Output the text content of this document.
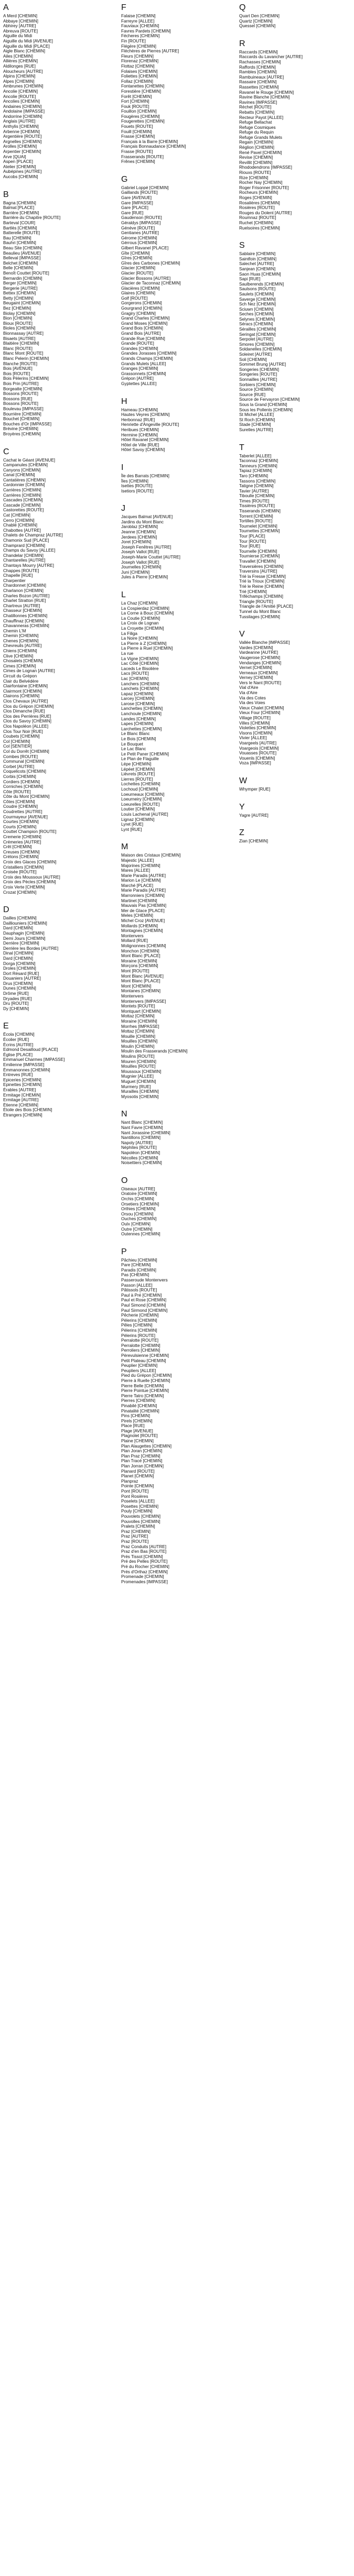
A
A Merd [CHEMIN]
Abbaye [CHEMIN]
Abhirey [AUTRE]
Abreuva [ROUTE]
Aiguille du Midi
Aiguille du Midi [AVENUE]
Aiguille du Midi [PLACE]
Aigle Blanc [CHEMIN]
Ailes [CHEMIN]
Allières [CHEMIN]
Aldilonges [RUE]
Aloucheurs [AUTRE]
Alpins [CHEMIN]
Alpes [CHEMIN]
Ambrunes [CHEMIN]
Ancolie [CHEMIN]
Ancolie [ROUTE]
Ancolies [CHEMIN]
Andaines [CHEMIN]
Andolaine [IMPASSE]
Andorrine [CHEMIN]
Anglais [AUTRE]
Anthylis [CHEMIN]
Arbenne [CHEMIN]
Argentière [ROUTE]
Argnelles [CHEMIN]
Arolles [CHEMIN]
Arpentier [CHEMIN]
Arve [QUAI]
Aspen [PLACE]
Atelier [CHEMIN]
Aubépines [AUTRE]
Aucobs [CHEMIN]
B
Bagna [CHEMIN]
Balmat [PLACE]
Barrière [CHEMIN]
Barrière du Chapitre [ROUTE]
Barteval [COUR]
Bartlès [CHEMIN]
Batterelle [ROUTE]
Bau [CHEMIN]
Bauhri [CHEMIN]
Beau Site [CHEMIN]
Beaulieu [AVENUE]
Belleval [IMPASSE]
Belchet [CHEMIN]
Belle [CHEMIN]
Benoît Couttet [ROUTE]
Bernardin [CHEMIN]
Berger [CHEMIN]
Bergerie [AUTRE]
Bettex [CHEMIN]
Betty [CHEMIN]
Beugaint [CHEMIN]
Bez [CHEMIN]
Biolay [CHEMIN]
Bion [CHEMIN]
Bioux [ROUTE]
Bioles [CHEMIN]
Bionnassay [AUTRE]
Bisaets [AUTRE]
Blaitière [CHEMIN]
Blanc [ROUTE]
Blanc Mont [ROUTE]
Blanc Pelerin [CHEMIN]
Blanche [ROUTE]
Bois [AVENUE]
Bois [ROUTE]
Bois Pèlerins [CHEMIN]
Bois Prin [AUTRE]
Borgeatte [CHEMIN]
Bossons [ROUTE]
Bossons [RUE]
Bossons [ROUTE]
Boulevau [IMPASSE]
Bourrière [CHEMIN]
Bouchet [CHEMIN]
Bouches d'Or [IMPASSE]
Brévine [CHEMIN]
Broyères [CHEMIN]
C
Cachat le Géant [AVENUE]
Campanules [CHEMIN]
Canyons [CHEMIN]
Canal [CHEMIN]
Cantatières [CHEMIN]
Cardonnier [CHEMIN]
Carrières [CHEMIN]
Carrières [CHEMIN]
Cascades [CHEMIN]
Cascade [CHEMIN]
Castorettes [ROUTE]
Cat [CHEMIN]
Cerro [CHEMIN]
Chablé [CHEMIN]
Chabottes [AUTRE]
Chalets de Champraz [AUTRE]
Chamonix Sud [PLACE]
Champrard [CHEMIN]
Champs du Savoy [ALLEE]
Chandelar [CHEMIN]
Chantarelles [AUTRE]
Chantays Mourry [AUTRE]
Chappes [ROUTE]
Chapelle [RUE]
Charpentier
Chardonnet [CHEMIN]
Charlanon [CHEMIN]
Charles Bozon [AUTRE]
Charlet Stratton [RUE]
Chartreux [AUTRE]
Chasseur [CHEMIN]
Chatillonnes [CHEMIN]
Chauffinaz [CHEMIN]
Chavanneras [CHEMIN]
Chemin L'M
Chemin [CHEMIN]
Chenes [CHEMIN]
Chevreuils [AUTRE]
Chiens [CHEMIN]
Clive [CHEMIN]
Chosalets [CHEMIN]
Cimes [CHEMIN]
Cimes de Lognan [AUTRE]
Circuit du Grépon
Clair du Belvédère
Clairfontaine [CHEMIN]
Clairmont [CHEMIN]
Clairons [CHEMIN]
Clos Chevaux [AUTRE]
Clos du Grépon [CHEMIN]
Clos Dimanche [RUE]
Clos des Perrières [RUE]
Clos du Savoy [CHEMIN]
Clos Napoléon [ALLEE]
Clos Tour Noir [RUE]
Coubets [CHEMIN]
Col [CHEMIN]
Col [SENTIER]
Col du Dorrêt [CHEMIN]
Combes [ROUTE]
Communal [CHEMIN]
Corbet [AUTRE]
Coquelicots [CHEMIN]
Corbis [CHEMIN]
Cordiers [CHEMIN]
Corniches [CHEMIN]
Côte [ROUTE]
Côte du Mont [CHEMIN]
Côtes [CHEMIN]
Coudre [CHEMIN]
Coudrettes [AUTRE]
Courmayeur [AVENUE]
Courtes [CHEMIN]
Courts [CHEMIN]
Couttet Champion [ROUTE]
Cremerie [CHEMIN]
Crémeries [AUTRE]
Crêt [CHEMIN]
Creuses [CHEMIN]
Crétons [CHEMIN]
Croix des Glaces [CHEMIN]
Cristalliers [CHEMIN]
Croisée [ROUTE]
Croix des Moussoux [AUTRE]
Croix des Pècles [CHEMIN]
Croix Verte [CHEMIN]
Crozat [CHEMIN]
D
Dailles [CHEMIN]
Dailliouniers [CHEMIN]
Dard [CHEMIN]
Dauphagin [CHEMIN]
Demi Jours [CHEMIN]
Derrière [CHEMIN]
Derrière les Bordes [AUTRE]
Dinal [CHEMIN]
Dard [CHEMIN]
Dorga [CHEMIN]
Droles [CHEMIN]
Dort Résard [RUE]
Douaniers [AUTRE]
Drus [CHEMIN]
Dunes [CHEMIN]
Drôme [RUE]
Dryades [RUE]
Dru [ROUTE]
Dy [CHEMIN]
E
Écola [CHEMIN]
Écolier [RUE]
Écrins [AUTRE]
Edmond Desailloud [PLACE]
Église [PLACE]
Emmanuel Charmes [IMPASSE]
Emilienne [IMPASSE]
Émmanonnes [CHEMIN]
Entreves [RUE]
Epiceries [CHEMIN]
Epinettes [CHEMIN]
Érables [AUTRE]
Ermitage [CHEMIN]
Ermitage [AUTRE]
Étienne [CHEMIN]
Étoile des Bois [CHEMIN]
Étrangers [CHEMIN]
F
Falaise [CHEMIN]
Farreyre [ALLEE]
Fauviaux [CHEMIN]
Favres Pardets [CHEMIN]
Fécheres [CHEMIN]
Fin [ROUTE]
Flégère [CHEMIN]
Fléchères de Pierres [AUTRE]
Fleurs [CHEMIN]
Florenaz [CHEMIN]
Flottaz [CHEMIN]
Folaises [CHEMIN]
Foliettes [CHEMIN]
Follaz [CHEMIN]
Fontanettes [CHEMIN]
Forestière [CHEMIN]
Forêt [CHEMIN]
Fort [CHEMIN]
Fouk [ROUTE]
Fouillon [CHEMIN]
Fougères [CHEMIN]
Fougerettes [CHEMIN]
Fouets [ROUTE]
Fouill [CHEMIN]
Frasse [CHEMIN]
Français à la Barre [CHEMIN]
Français Bonnaudance [CHEMIN]
Frasse [ROUTE]
Frasserands [ROUTE]
Frênes [CHEMIN]
G
Gabriel Loppé [CHEMIN]
Gaillands [ROUTE]
Gare [AVENUE]
Gare [IMPASSE]
Gare [PLACE]
Gare [RUE]
Gaudenson [ROUTE]
Géraldys [IMPASSE]
Génève [ROUTE]
Gentianes [AUTRE]
Gérome [CHEMIN]
Gérrous [CHEMIN]
Gilbert Ravanel [PLACE]
Gîte [CHEMIN]
Gîres [CHEMIN]
Gîres des Carbones [CHEMIN]
Glacier [CHEMIN]
Glacier [ROUTE]
Glacier Bossons [AUTRE]
Glacier de Taconnaz [CHEMIN]
Glacières [CHEMIN]
Glaires [CHEMIN]
Golf [ROUTE]
Gorgerons [CHEMIN]
Gourgrand [CHEMIN]
Gragiry [CHEMIN]
Grand Charles [CHEMIN]
Grand Moses [CHEMIN]
Grand Bois [CHEMIN]
Grand Bois [AUTRE]
Grande Rue [CHEMIN]
Grande [ROUTE]
Grandes [CHEMIN]
Grandes Jorasses [CHEMIN]
Grands Champs [CHEMIN]
Grands Mulets [ALLEE]
Granges [CHEMIN]
Grassonnets [CHEMIN]
Grépon [AUTRE]
Gyptettes [ALLEE]
H
Hameau [CHEMIN]
Hautes Veyres [CHEMIN]
Herbonnaz [RUE]
Henriette d'Angeville [ROUTE]
Heribues [CHEMIN]
Hermine [CHEMIN]
Hôtel Ravanel [CHEMIN]
Hôtel de Ville [RUE]
Hôtel Savoy [CHEMIN]
I
Île des Barrats [CHEMIN]
Îles [CHEMIN]
Isettes [ROUTE]
Isetiors [ROUTE]
J
Jacques Balmat [AVENUE]
Jardins du Mont Blanc
Jaroblaz [CHEMIN]
Jeanne [CHEMIN]
Jerdees [CHEMIN]
Joret [CHEMIN]
Joseph Fenêtres [AUTRE]
Joseph Vallot [RUE]
Joseph-Marie Couttet [AUTRE]
Joseph Vallot [RUE]
Journelles [CHEMIN]
Juni [CHEMIN]
Jules à Pierre [CHEMIN]
L
La Chaz [CHEMIN]
La Cospierdaz [CHEMIN]
La Corne à Bouc [CHEMIN]
La Coutie [CHEMIN]
La Croix de Lognan
La Croyette [CHEMIN]
La Filiga
La Noire [CHEMIN]
La Pierre à Z [CHEMIN]
La Pierre à Ruel [CHEMIN]
La rue
La Vigne [CHEMIN]
Lac Côté [CHEMIN]
Laceds Le Bisolière
Lacs [ROUTE]
Lac [CHEMIN]
Lanchers [CHEMIN]
Lanchets [CHEMIN]
Lapaz [CHEMIN]
Larcey [CHEMIN]
Larose [CHEMIN]
Lanchettes [CHEMIN]
Lanchoule [CHEMIN]
Landes [CHEMIN]
Lapes [CHEMIN]
Larchettes [CHEMIN]
Le Blanc Blanc
Le Bois [CHEMIN]
Le Bouquet
Le Lac Blanc
Le Petit Paner [CHEMIN]
Le Plan de Flaguille
Lépe [CHEMIN]
Lépéet [CHEMIN]
Lièvrets [ROUTE]
Lierres [ROUTE]
Lochettes [CHEMIN]
Lochoud [CHEMIN]
Loeurneaux [CHEMIN]
Loeurneiry [CHEMIN]
Loeurelles [ROUTE]
Loutier [CHEMIN]
Louis Lachenal [AUTRE]
Lignaz [CHEMIN]
Lyret [RUE]
Lynt [RUE]
M
Maison des Cristaux [CHEMIN]
Majestic [ALLEE]
Majorines [CHEMIN]
Mares [ALLEE]
Marie Paradis [AUTRE]
Marion Le [CHEMIN]
Marché [PLACE]
Marie Paradis [AUTRE]
Marronniers [CHEMIN]
Martinet [CHEMIN]
Mauvais Pas [CHEMIN]
Mer de Glace [PLACE]
Meles [CHEMIN]
Michel Croz [AVENUE]
Mollards [CHEMIN]
Montagnes [CHEMIN]
Montenvers
Mollard [RUE]
Molignonnes [CHEMIN]
Monchon [CHEMIN]
Mont Blanc [PLACE]
Moraine [CHEMIN]
Morçons [CHEMIN]
Mont [ROUTE]
Mont Blanc [AVENUE]
Mont Blanc [PLACE]
Mont [CHEMIN]
Montanes [CHEMIN]
Montenvers
Montenvers [IMPASSE]
Montets [ROUTE]
Montquart [CHEMIN]
Mottaz [CHEMIN]
Moraine [CHEMIN]
Morrhes [IMPASSE]
Mottaz [CHEMIN]
Mouille [CHEMIN]
Mouilles [CHEMIN]
Moulin [CHEMIN]
Moulin des Frasserands [CHEMIN]
Moulins [ROUTE]
Mouren [CHEMIN]
Mouilles [ROUTE]
Moussoux [CHEMIN]
Mugnier [ALLEE]
Muguet [CHEMIN]
Murmery [RUE]
Murailles [CHEMIN]
Myosotis [CHEMIN]
N
Nant Blanc [CHEMIN]
Nant Favre [CHEMIN]
Nant Jorassine [CHEMIN]
Nantillons [CHEMIN]
Napoly [AUTRE]
Néphites [ROUTE]
Napoléon [CHEMIN]
Nécolles [CHEMIN]
Noisettiers [CHEMIN]
O
Oiseaux [AUTRE]
Oratoire [CHEMIN]
Orchis [CHEMIN]
Orsetiers [CHEMIN]
Orthies [CHEMIN]
Orsou [CHEMIN]
Ouches [CHEMIN]
Oulx [CHEMIN]
Outre [CHEMIN]
Outennes [CHEMIN]
P
Pâchieu [CHEMIN]
Pare [CHEMIN]
Paradis [CHEMIN]
Pas [CHEMIN]
Passeroude Montenvers
Passon [ALLEE]
Pâtissols [ROUTE]
Paul à Pré [CHEMIN]
Paul et Rose [CHEMIN]
Paul Simond [CHEMIN]
Paul Sirmond [CHEMIN]
Pêcherie [CHEMIN]
Pèlerins [CHEMIN]
Pêles [CHEMIN]
Pèlerins [CHEMIN]
Pèlerins [ROUTE]
Perralotte [ROUTE]
Perralotte [CHEMIN]
Perroliers [CHEMIN]
Pèrevulsienne [CHEMIN]
Petit Plateau [CHEMIN]
Peuplier [CHEMIN]
Peupliers [ALLEE]
Pied du Grépon [CHEMIN]
Pierre à Ruelle [CHEMIN]
Pierre Belle [CHEMIN]
Pierre Pointue [CHEMIN]
Pierre Tatro [CHEMIN]
Pierres [CHEMIN]
Pinabilé [CHEMIN]
Pinatalité [CHEMIN]
Pins [CHEMIN]
Pirels [CHEMIN]
Place [RUE]
Plage [AVENUE]
Plagnolet [ROUTE]
Plaine [CHEMIN]
Plan Alaugettes [CHEMIN]
Plan Joran [CHEMIN]
Plan Praz [CHEMIN]
Plan Tracé [CHEMIN]
Plan Jorran [CHEMIN]
Planard [ROUTE]
Planet [CHEMIN]
Planpraz
Pointe [CHEMIN]
Pont [ROUTE]
Pont Rosières
Poselets [ALLEE]
Posettes [CHEMIN]
Pouly [CHEMIN]
Pouvolets [CHEMIN]
Pouvolles [CHEMIN]
Pralets [CHEMIN]
Praz [CHEMIN]
Praz [AUTRE]
Praz [ROUTE]
Praz Conduits [AUTRE]
Praz d'en Bas [ROUTE]
Prés Tissot [CHEMIN]
Pré des Pelles [ROUTE]
Pré du Rocher [CHEMIN]
Prés d'Orthaz [CHEMIN]
Promenade [CHEMIN]
Promenades [IMPASSE]
Q
Quart Den [CHEMIN]
Quartz [CHEMIN]
Quessel [CHEMIN]
R
Raccards [CHEMIN]
Raccards du Lavancher [AUTRE]
Rachasses [CHEMIN]
Raffords [CHEMIN]
Rambles [CHEMIN]
Rambuineaux [AUTRE]
Rassaire [CHEMIN]
Rassettes [CHEMIN]
Ravanel le Rouge [CHEMIN]
Ravine Blanche [CHEMIN]
Ravines [IMPASSE]
Réchet [ROUTE]
Rebatts [CHEMIN]
Recteur Payot [ALLEE]
Refuge Bellachat
Refuge Cosmiques
Refuge du Requin
Refuge Grands Mulets
Regain [CHEMIN]
Réglion [CHEMIN]
René Pavel [CHEMIN]
Revise [CHEMIN]
Revillit [CHEMIN]
Rhododendrons [IMPASSE]
Riouxs [ROUTE]
Rize [CHEMIN]
Rocher Nay [CHEMIN]
Roger Frisonner [ROUTE]
Rocheurs [CHEMIN]
Roges [CHEMIN]
Rosalières [CHEMIN]
Rosières [ROUTE]
Rouges du Dolent [AUTRE]
Roumnaz [ROUTE]
Ruchet [CHEMIN]
Ruelsoires [CHEMIN]
S
Sablaire [CHEMIN]
Saintfoin [CHEMIN]
Salechet [AUTRE]
Sanjean [CHEMIN]
Saon Huas [CHEMIN]
Sapi [RUE]
Saulberends [CHEMIN]
Saulsons [ROUTE]
Saulets [CHEMIN]
Saverge [CHEMIN]
Sch Nez [CHEMIN]
Sciuwn [CHEMIN]
Seches [CHEMIN]
Selynes [CHEMIN]
Séracs [CHEMIN]
Sérailles [CHEMIN]
Seringat [CHEMIN]
Serpolet [AUTRE]
Smores [CHEMIN]
Soldanelles [CHEMIN]
Soleiret [AUTRE]
Soli [CHEMIN]
Sommet Brung [AUTRE]
Songeries [CHEMIN]
Songeries [ROUTE]
Sonnailles [AUTRE]
Sorbiers [CHEMIN]
Source [CHEMIN]
Source [RUE]
Source de Fervayron [CHEMIN]
Sous la Grand [CHEMIN]
Sous les Pollents [CHEMIN]
St Michel [ALLEE]
St Roch [CHEMIN]
Stade [CHEMIN]
Suretles [AUTRE]
T
Taberlet [ALLEE]
Taconnaz [CHEMIN]
Tanneurs [CHEMIN]
Tapiaz [CHEMIN]
Taro [CHEMIN]
Tassons [CHEMIN]
Tatigne [CHEMIN]
Tavier [AUTRE]
Tiboulle [CHEMIN]
Times [ROUTE]
Tissières [ROUTE]
Tisserands [CHEMIN]
Torrent [CHEMIN]
Tortilles [ROUTE]
Tournelet [CHEMIN]
Tournettes [CHEMIN]
Tour [PLACE]
Tour [ROUTE]
Tour [RUE]
Tournelle [CHEMIN]
Tournierse [CHEMIN]
Travallet [CHEMIN]
Traversières [CHEMIN]
Traversins [AUTRE]
Trié la Fresse [CHEMIN]
Trié la Trioux [CHEMIN]
Trié le Reine [CHEMIN]
Trié [CHEMIN]
Triféchamps [CHEMIN]
Triangle [ROUTE]
Triangle de l'Amitié [PLACE]
Tunnel du Mont Blanc
Tussilages [CHEMIN]
V
Vallée Blanche [IMPASSE]
Vardes [CHEMIN]
Vardeanne [AUTRE]
Vaugerose [CHEMIN]
Vendanges [CHEMIN]
Vernet [CHEMIN]
Verneaux [CHEMIN]
Verney [CHEMIN]
Vers le Nant [ROUTE]
Vial d'Aire
Via d'Aire
Via des Cotes
Via des Voies
Vieux Chalet [CHEMIN]
Vieux Four [CHEMIN]
Village [ROUTE]
Villes [CHEMIN]
Violettes [CHEMIN]
Visons [CHEMIN]
Vivier [ALLEE]
Voargeels [AUTRE]
Voargeois [CHEMIN]
Vouasses [ROUTE]
Vouenls [CHEMIN]
Voza [IMPASSE]
W
Whymper [RUE]
Y
Yagre [AUTRE]
Z
Zian [CHEMIN]
